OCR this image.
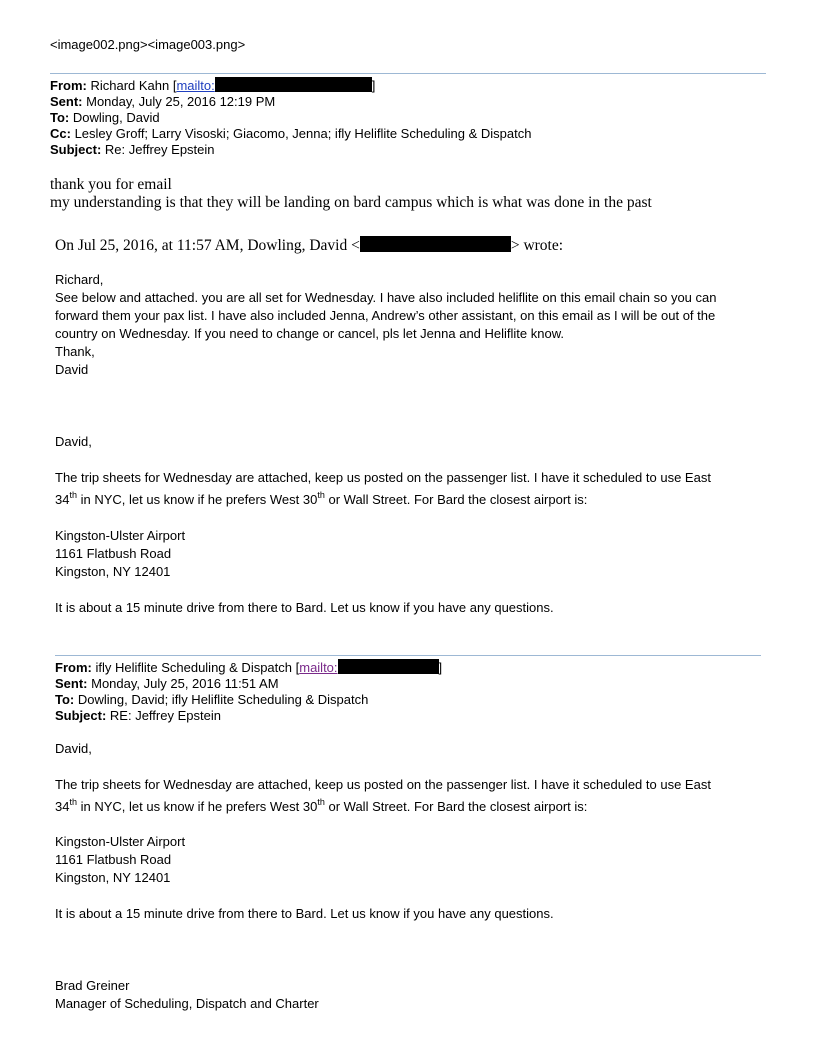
<image002.png><image003.png>
From: Richard Kahn [mailto:	]
Sent: Monday, July 25, 2016 12:19 PM
To: Dowling, David
Cc: Lesley Groff; Larry Visoski; Giacomo, Jenna; ifly Heliflite Scheduling & Dispatch
Subject: Re: Jeffrey Epstein
thank you for email
my understanding is that they will be landing on bard campus which is what was done in the past
On Jul 25, 2016, at 11:57 AM, Dowling, David <	> wrote:
Richard,
See below and attached. you are all set for Wednesday. I have also included heliflite on this email chain so you can
forward them your pax list. I have also included Jenna, Andrew’s other assistant, on this email as I will be out of the
country on Wednesday. If you need to change or cancel, pls let Jenna and Heliflite know.
Thank,
David
David,
The trip sheets for Wednesday are attached, keep us posted on the passenger list. I have it scheduled to use East
34th in NYC, let us know if he prefers West 30th or Wall Street. For Bard the closest airport is:
Kingston-Ulster Airport
1161 Flatbush Road
Kingston, NY 12401
It is about a 15 minute drive from there to Bard. Let us know if you have any questions.
From: ifly Heliflite Scheduling & Dispatch [mailto:	]
Sent: Monday, July 25, 2016 11:51 AM
To: Dowling, David; ifly Heliflite Scheduling & Dispatch
Subject: RE: Jeffrey Epstein
David,
The trip sheets for Wednesday are attached, keep us posted on the passenger list. I have it scheduled to use East
34th in NYC, let us know if he prefers West 30th or Wall Street. For Bard the closest airport is:
Kingston-Ulster Airport
1161 Flatbush Road
Kingston, NY 12401
It is about a 15 minute drive from there to Bard. Let us know if you have any questions.
Brad Greiner
Manager of Scheduling, Dispatch and Charter
